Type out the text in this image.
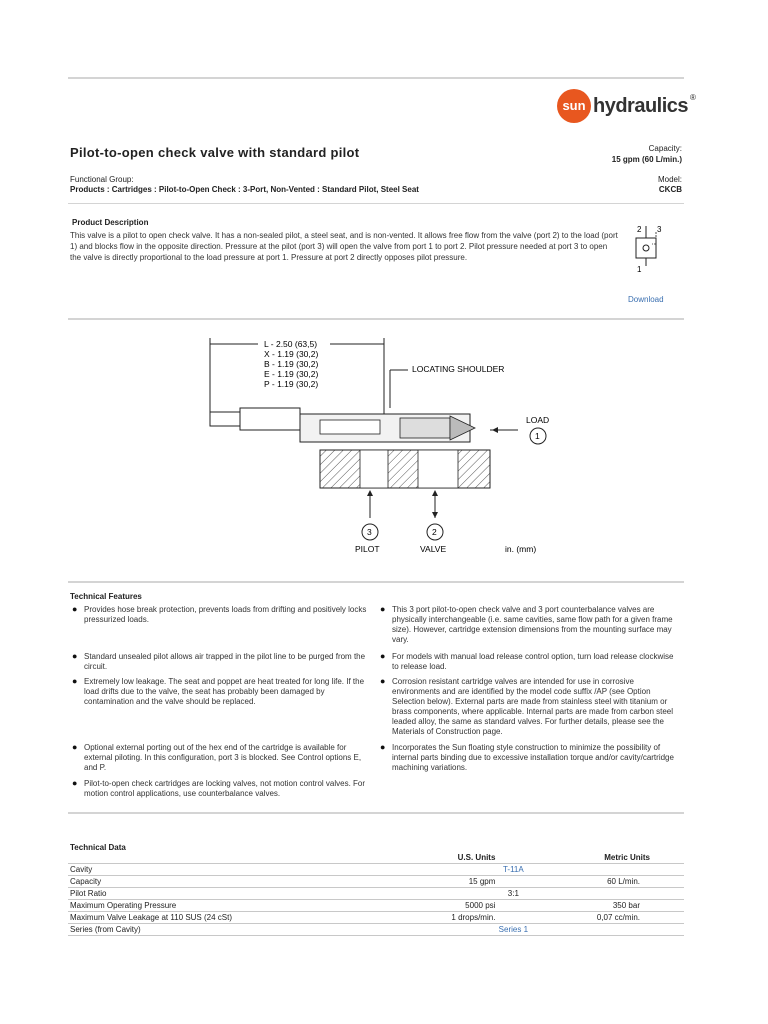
sun hydraulics ®
Pilot-to-open check valve with standard pilot	Capacity:
15 gpm (60 L/min.)
Functional Group:
Products : Cartridges : Pilot-to-Open Check : 3-Port, Non-Vented : Standard Pilot, Steel Seat
Model:
CKCB
Product Description
This valve is a pilot to open check valve. It has a non-sealed pilot, a steel seat, and is non-vented. It allows free flow from the valve (port 2) to the load (port 1) and blocks flow in the opposite direction. Pressure at the pilot (port 3) will open the valve from port 1 to port 2. Pilot pressure needed at port 3 to open the valve is directly proportional to the load pressure at port 1. Pressure at port 2 directly opposes pilot pressure.
2 3
1
Download
L - 2.50 (63,5)
X - 1.19 (30,2)
B - 1.19 (30,2)
E - 1.19 (30,2)
P - 1.19 (30,2)
LOCATING SHOULDER
LOAD
1
3	2
PILOT	VALVE	in. (mm)
Technical Features
● Provides hose break protection, prevents loads from drifting and positively locks pressurized loads.
● Standard unsealed pilot allows air trapped in the pilot line to be purged from the circuit.
● Extremely low leakage. The seat and poppet are heat treated for long life. If the load drifts due to the valve, the seat has probably been damaged by contamination and the valve should be replaced.
● Optional external porting out of the hex end of the cartridge is available for external piloting. In this configuration, port 3 is blocked. See Control options E, and P.
● Pilot-to-open check cartridges are locking valves, not motion control valves. For motion control applications, use counterbalance valves.
● This 3 port pilot-to-open check valve and 3 port counterbalance valves are physically interchangeable (i.e. same cavities, same flow path for a given frame size). However, cartridge extension dimensions from the mounting surface may vary.
● For models with manual load release control option, turn load release clockwise to release load.
● Corrosion resistant cartridge valves are intended for use in corrosive environments and are identified by the model code suffix /AP (see Option Selection below). External parts are made from stainless steel with titanium or brass components, where applicable. Internal parts are made from carbon steel leaded alloy, the same as standard valves. For further details, please see the Materials of Construction page.
● Incorporates the Sun floating style construction to minimize the possibility of internal parts binding due to excessive installation torque and/or cavity/cartridge machining variations.
Technical Data
	U.S. Units	Metric Units
Cavity	T-11A	
Capacity	15 gpm	60 L/min.
Pilot Ratio	3:1	
Maximum Operating Pressure	5000 psi	350 bar
Maximum Valve Leakage at 110 SUS (24 cSt)	1 drops/min.	0,07 cc/min.
Series (from Cavity)	Series 1	
